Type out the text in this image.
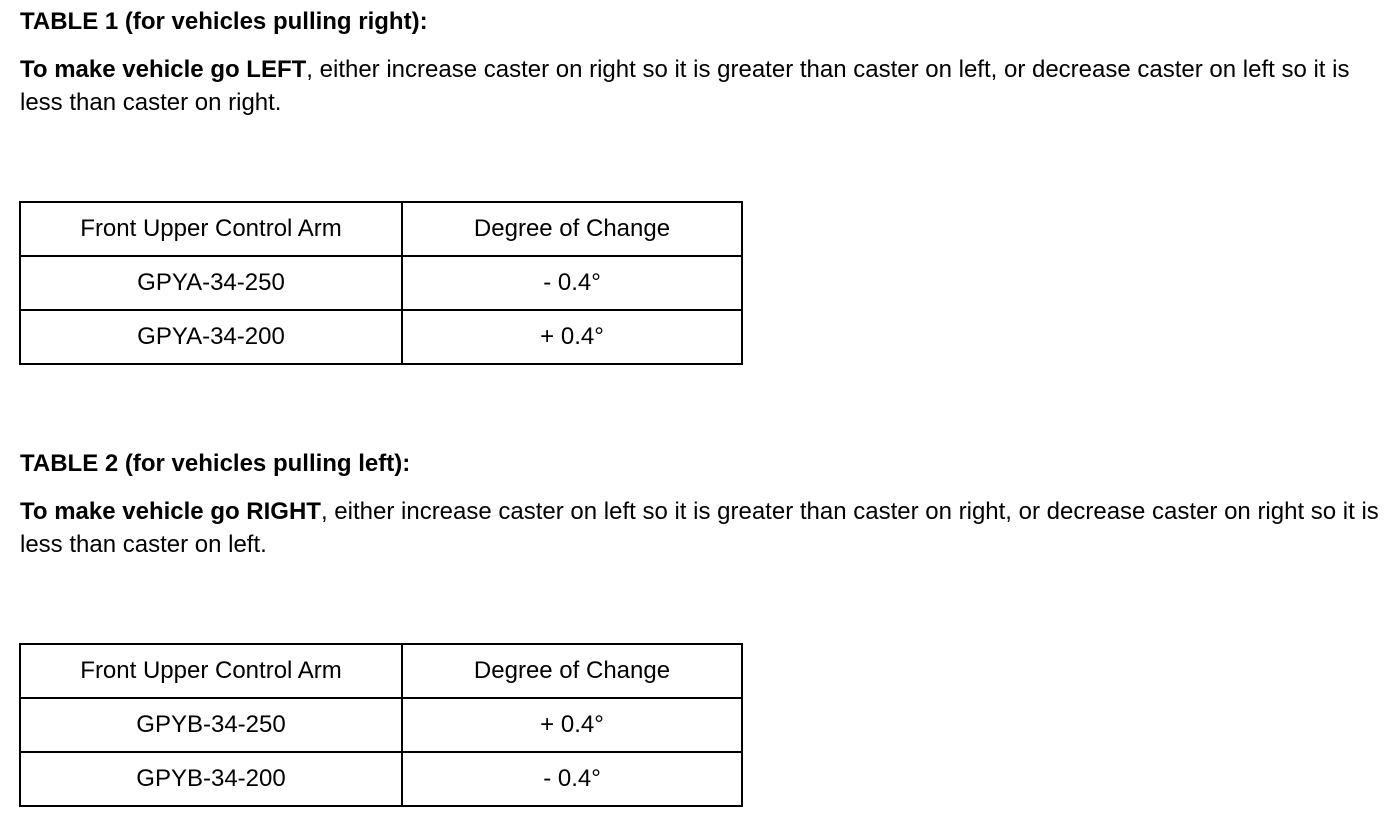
TABLE 1 (for vehicles pulling right):

To make vehicle go LEFT, either increase caster on right so it is greater than caster on left, or decrease caster on left so it is less than caster on right.

Front Upper Control Arm	Degree of Change
GPYA-34-250	- 0.4°
GPYA-34-200	+ 0.4°
TABLE 2 (for vehicles pulling left):

To make vehicle go RIGHT, either increase caster on left so it is greater than caster on right, or decrease caster on right so it is less than caster on left.

Front Upper Control Arm	Degree of Change
GPYB-34-250	+ 0.4°
GPYB-34-200	- 0.4°
